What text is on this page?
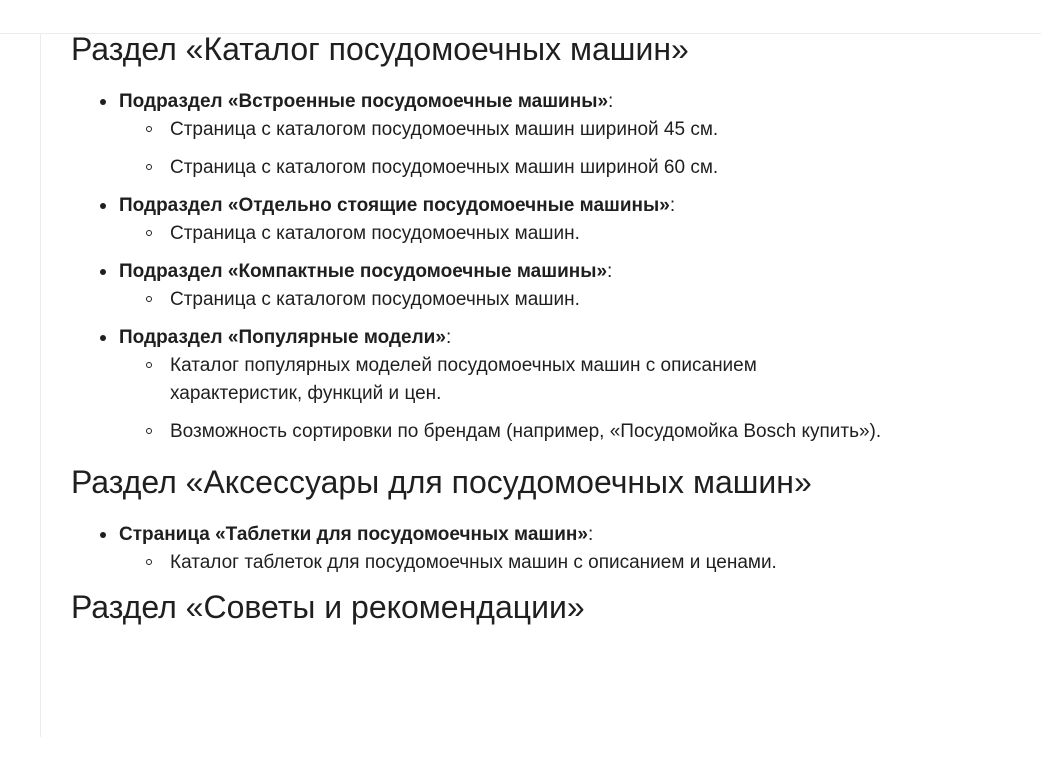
Раздел «Каталог посудомоечных машин»
Подраздел «Встроенные посудомоечные машины»:
Страница с каталогом посудомоечных машин шириной 45 см.
Страница с каталогом посудомоечных машин шириной 60 см.
Подраздел «Отдельно стоящие посудомоечные машины»:
Страница с каталогом посудомоечных машин.
Подраздел «Компактные посудомоечные машины»:
Страница с каталогом посудомоечных машин.
Подраздел «Популярные модели»:
Каталог популярных моделей посудомоечных машин с описанием характеристик, функций и цен.
Возможность сортировки по брендам (например, «Посудомойка Bosch купить»).
Раздел «Аксессуары для посудомоечных машин»
Страница «Таблетки для посудомоечных машин»:
Каталог таблеток для посудомоечных машин с описанием и ценами.
Раздел «Советы и рекомендации»
